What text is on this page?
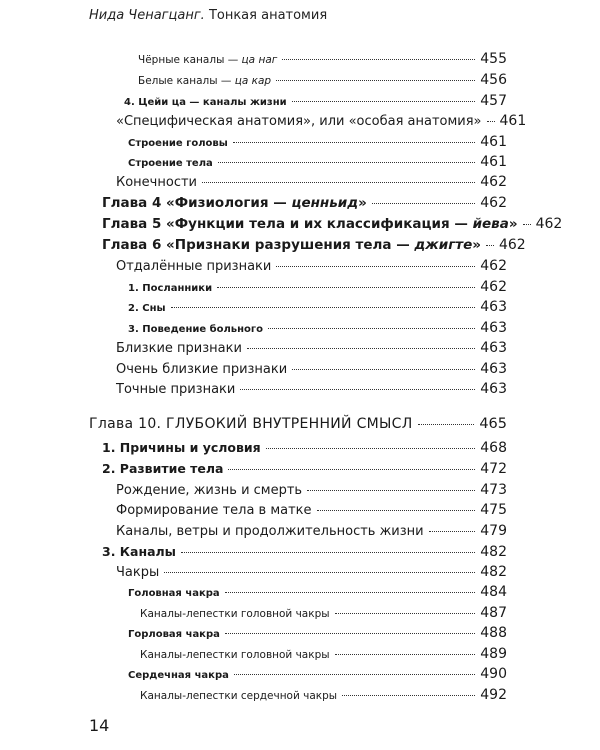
Нида Ченагцанг. Тонкая анатомия
Чёрные каналы — ца наг	455
Белые каналы — ца кар	456
4. Цейи ца — каналы жизни	457
«Специфическая анатомия», или «особая анатомия» 461
Строение головы	461
Строение тела	461
Конечности	462
Глава 4 «Физиология — ценньид»	462
Глава 5 «Функции тела и их классификация — йева» 462
Глава 6 «Признаки разрушения тела — джигте» 462
Отдалённые признаки	462
1. Посланники	462
2. Сны	463
3. Поведение больного	463
Близкие признаки	463
Очень близкие признаки	463
Точные признаки	463
Глава 10. ГЛУБОКИЙ ВНУТРЕННИЙ СМЫСЛ	465
1. Причины и условия	468
2. Развитие тела	472
Рождение, жизнь и смерть	473
Формирование тела в матке	475
Каналы, ветры и продолжительность жизни	479
3. Каналы	482
Чакры	482
Головная чакра	484
Каналы-лепестки головной чакры	487
Горловая чакра	488
Каналы-лепестки головной чакры	489
Сердечная чакра	490
Каналы-лепестки сердечной чакры	492
14
